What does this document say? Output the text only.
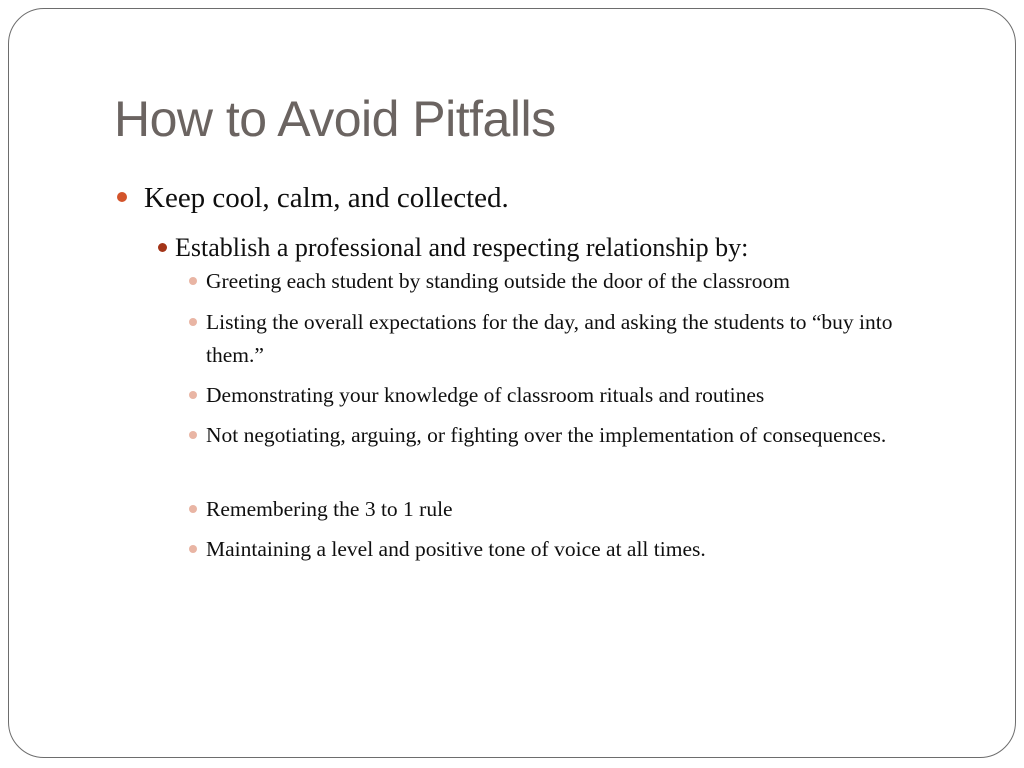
How to Avoid Pitfalls

Keep cool, calm, and collected.

Establish a professional and respecting relationship by:

Greeting each student by standing outside the door of the classroom

Listing the overall expectations for the day, and asking the students to “buy into them.”

Demonstrating your knowledge of classroom rituals and routines

Not negotiating, arguing, or fighting over the implementation of consequences.

Remembering the 3 to 1 rule

Maintaining a level and positive tone of voice at all times.
